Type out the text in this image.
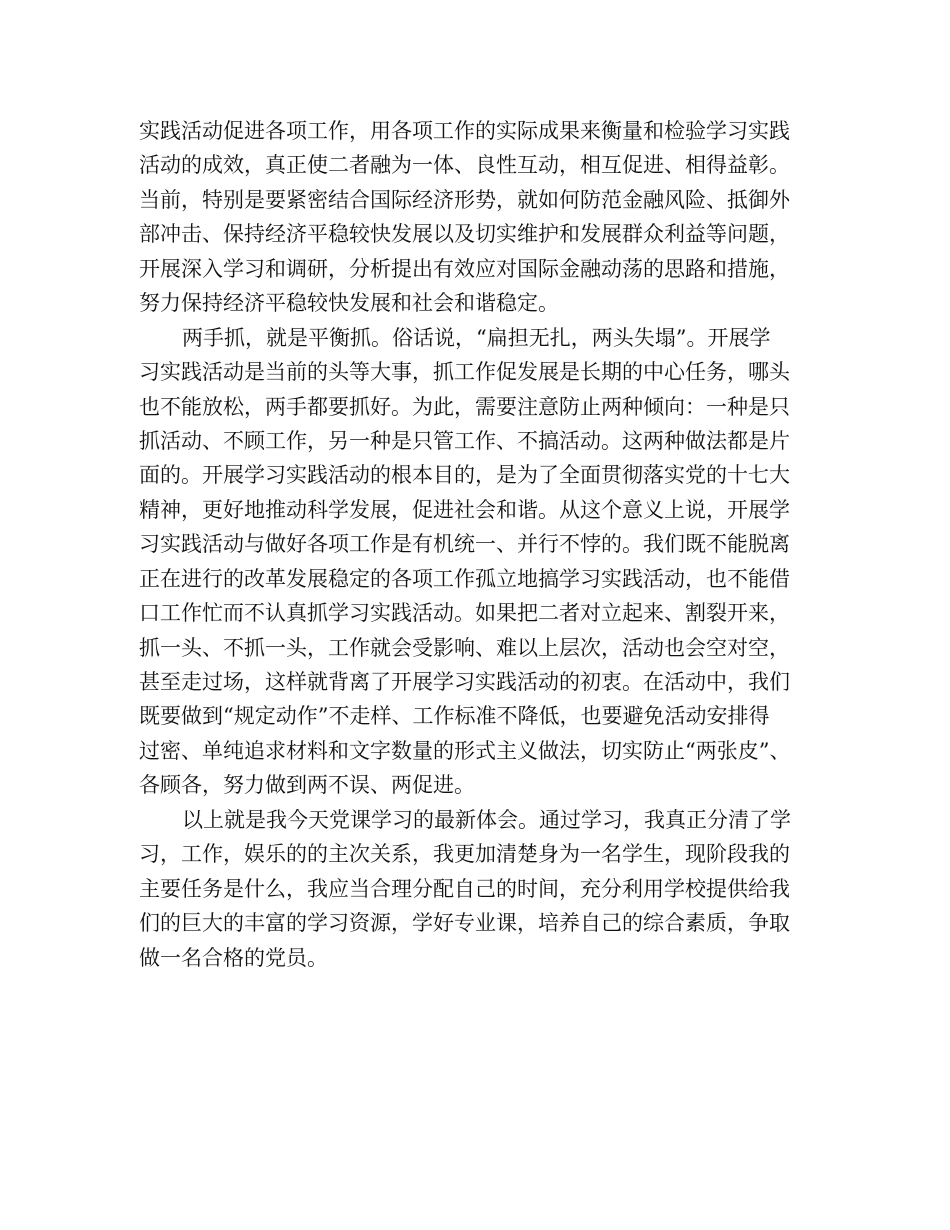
实践活动促进各项工作，用各项工作的实际成果来衡量和检验学习实践
活动的成效，真正使二者融为一体、良性互动，相互促进、相得益彰。
当前，特别是要紧密结合国际经济形势，就如何防范金融风险、抵御外
部冲击、保持经济平稳较快发展以及切实维护和发展群众利益等问题，
开展深入学习和调研，分析提出有效应对国际金融动荡的思路和措施，
努力保持经济平稳较快发展和社会和谐稳定。
两手抓，就是平衡抓。俗话说，“扁担无扎，两头失塌”。开展学
习实践活动是当前的头等大事，抓工作促发展是长期的中心任务，哪头
也不能放松，两手都要抓好。为此，需要注意防止两种倾向：一种是只
抓活动、不顾工作，另一种是只管工作、不搞活动。这两种做法都是片
面的。开展学习实践活动的根本目的，是为了全面贯彻落实党的十七大
精神，更好地推动科学发展，促进社会和谐。从这个意义上说，开展学
习实践活动与做好各项工作是有机统一、并行不悖的。我们既不能脱离
正在进行的改革发展稳定的各项工作孤立地搞学习实践活动，也不能借
口工作忙而不认真抓学习实践活动。如果把二者对立起来、割裂开来，
抓一头、不抓一头，工作就会受影响、难以上层次，活动也会空对空，
甚至走过场，这样就背离了开展学习实践活动的初衷。在活动中，我们
既要做到“规定动作”不走样、工作标准不降低，也要避免活动安排得
过密、单纯追求材料和文字数量的形式主义做法，切实防止“两张皮”、
各顾各，努力做到两不误、两促进。
以上就是我今天党课学习的最新体会。通过学习，我真正分清了学
习，工作，娱乐的的主次关系，我更加清楚身为一名学生，现阶段我的
主要任务是什么，我应当合理分配自己的时间，充分利用学校提供给我
们的巨大的丰富的学习资源，学好专业课，培养自己的综合素质，争取
做一名合格的党员。
